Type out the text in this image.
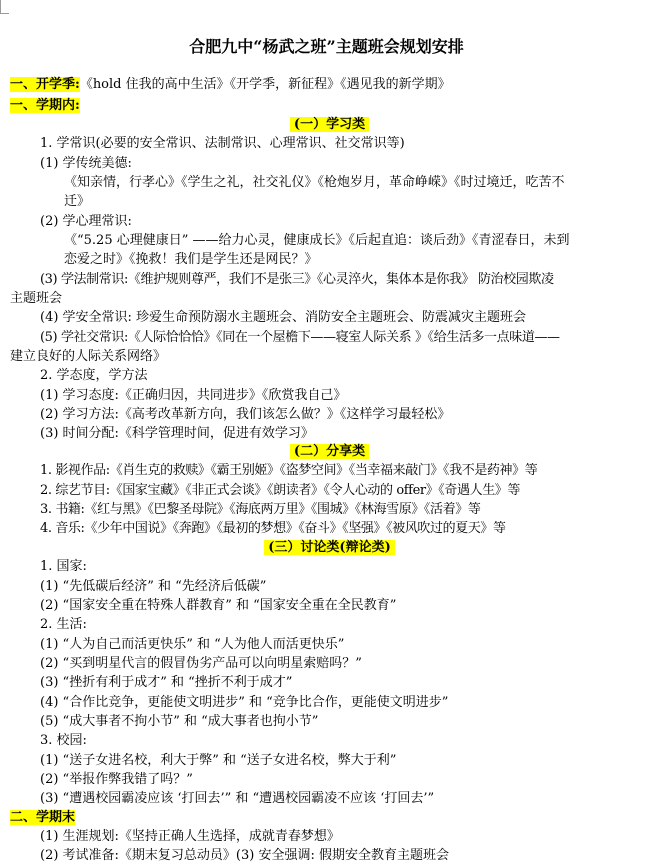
合肥九中“杨武之班”主题班会规划安排
一、开学季:《hold 住我的高中生活》《开学季，新征程》《遇见我的新学期》
一、学期内:
(一）学习类
1. 学常识(必要的安全常识、法制常识、心理常识、社交常识等)
(1) 学传统美德:
《知亲情，行孝心》《学生之礼，社交礼仪》《枪炮岁月，革命峥嵘》《时过境迁，吃苦不
迁》
(2) 学心理常识:
《“5.25 心理健康日” ——给力心灵，健康成长》《后起直追：谈后劲》《青涩春日，未到
恋爱之时》《挽救！我们是学生还是网民？》
(3) 学法制常识:《维护规则尊严，我们不是张三》《心灵淬火，集体本是你我》 防治校园欺凌
主题班会
(4) 学安全常识: 珍爱生命预防溺水主题班会、消防安全主题班会、防震减灾主题班会
(5) 学社交常识:《人际恰恰恰》《同在一个屋檐下——寝室人际关系 》《给生活多一点味道——
建立良好的人际关系网络》
2. 学态度，学方法
(1) 学习态度:《正确归因，共同进步》《欣赏我自己》
(2) 学习方法:《高考改革新方向，我们该怎么做？》《这样学习最轻松》
(3) 时间分配:《科学管理时间，促进有效学习》
(二）分享类
1. 影视作品:《肖生克的救赎》《霸王别姬》《盗梦空间》《当幸福来敲门》《我不是药神》等
2. 综艺节目:《国家宝藏》《非正式会谈》《朗读者》《令人心动的 offer》《奇遇人生》等
3. 书籍:《红与黑》《巴黎圣母院》《海底两万里》《围城》《林海雪原》《活着》等
4. 音乐:《少年中国说》《奔跑》《最初的梦想》《奋斗》《坚强》《被风吹过的夏天》等
(三）讨论类(辩论类)
1. 国家:
(1) “先低碳后经济” 和 “先经济后低碳”
(2) “国家安全重在特殊人群教育” 和 “国家安全重在全民教育”
2. 生活:
(1) “人为自己而活更快乐” 和 “人为他人而活更快乐”
(2) “买到明星代言的假冒伪劣产品可以向明星索赔吗？”
(3) “挫折有利于成才” 和 “挫折不利于成才”
(4) “合作比竞争，更能使文明进步” 和 “竞争比合作，更能使文明进步”
(5) “成大事者不拘小节” 和 “成大事者也拘小节”
3. 校园:
(1) “送子女进名校，利大于弊” 和 “送子女进名校，弊大于利”
(2) “举报作弊我错了吗？”
(3) “遭遇校园霸凌应该 ‘打回去’” 和 “遭遇校园霸凌不应该 ‘打回去’”
二、学期末
(1) 生涯规划:《坚持正确人生选择，成就青春梦想》
(2) 考试准备:《期末复习总动员》(3) 安全强调: 假期安全教育主题班会
